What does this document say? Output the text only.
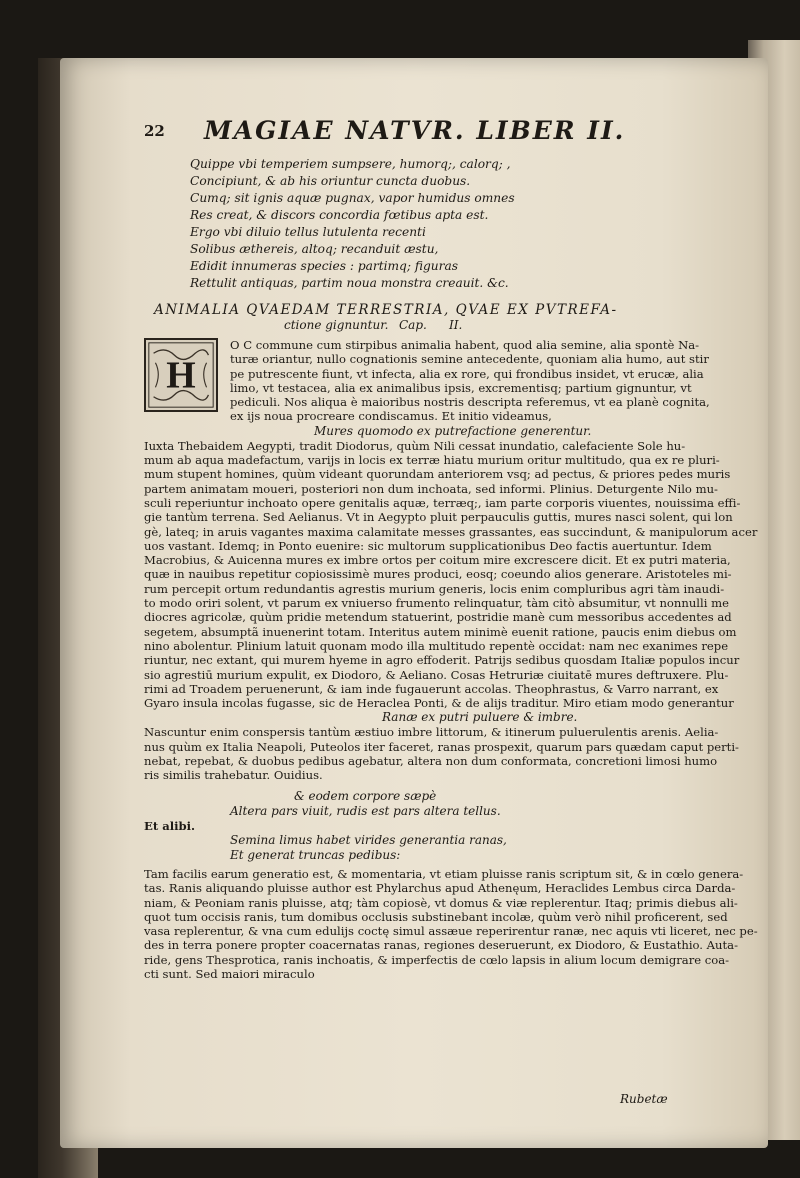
22 MAGIAE NATVR. LIBER II.
Quippe vbi temperiem sumpsere, humorq;, calorq; ,
Concipiunt, & ab his oriuntur cuncta duobus.
Cumq; sit ignis aquæ pugnax, vapor humidus omnes
Res creat, & discors concordia fœtibus apta est.
Ergo vbi diluio tellus lutulenta recenti
Solibus æthereis, altoq; recanduit æstu,
Edidit innumeras species : partimq; figuras
Rettulit antiquas, partim noua monstra creauit. &c.
ANIMALIA QVAEDAM TERRESTRIA, QVAE EX PVTREFA-
ctione gignuntur. Cap. II.
H
O C commune cum stirpibus animalia habent, quod alia semine, alia spontè Na-
turæ oriantur, nullo cognationis semine antecedente, quoniam alia humo, aut stir
pe putrescente fiunt, vt infecta, alia ex rore, qui frondibus insidet, vt erucæ, alia
limo, vt testacea, alia ex animalibus ipsis, excrementisq; partium gignuntur, vt
pediculi. Nos aliqua è maioribus nostris descripta referemus, vt ea planè cognita,
ex ijs noua procreare condiscamus. Et initio videamus,
Mures quomodo ex putrefactione generentur.
Iuxta Thebaidem Aegypti, tradit Diodorus, quùm Nili cessat inundatio, calefaciente Sole hu-
mum ab aqua madefactum, varijs in locis ex terræ hiatu murium oritur multitudo, qua ex re pluri-
mum stupent homines, quùm videant quorundam anteriorem vsq; ad pectus, & priores pedes muris
partem animatam moueri, posteriori non dum inchoata, sed informi. Plinius. Deturgente Nilo mu-
sculi reperiuntur inchoato opere genitalis aquæ, terræq;, iam parte corporis viuentes, nouissima effi-
gie tantùm terrena. Sed Aelianus. Vt in Aegypto pluit perpauculis guttis, mures nasci solent, qui lon
gè, lateq; in aruis vagantes maxima calamitate messes grassantes, eas succindunt, & manipulorum acer
uos vastant. Idemq; in Ponto euenire: sic multorum supplicationibus Deo factis auertuntur. Idem
Macrobius, & Auicenna mures ex imbre ortos per coitum mire excrescere dicit. Et ex putri materia,
quæ in nauibus repetitur copiosissimè mures produci, eosq; coeundo alios generare. Aristoteles mi-
rum percepit ortum redundantis agrestis murium generis, locis enim compluribus agri tàm inaudi-
to modo oriri solent, vt parum ex vniuerso frumento relinquatur, tàm citò absumitur, vt nonnulli me
diocres agricolæ, quùm pridie metendum statuerint, postridie manè cum messoribus accedentes ad
segetem, absumptã inuenerint totam. Interitus autem minimè euenit ratione, paucis enim diebus om
nino abolentur. Plinium latuit quonam modo illa multitudo repentè occidat: nam nec exanimes repe
riuntur, nec extant, qui murem hyeme in agro effoderit. Patrijs sedibus quosdam Italiæ populos incur
sio agrestiū murium expulit, ex Diodoro, & Aeliano. Cosas Hetruriæ ciuitatē mures deftruxere. Plu-
rimi ad Troadem peruenerunt, & iam inde fugauerunt accolas. Theophrastus, & Varro narrant, ex
Gyaro insula incolas fugasse, sic de Heraclea Ponti, & de alijs traditur. Miro etiam modo generantur
Ranæ ex putri puluere & imbre.
Nascuntur enim conspersis tantùm æstiuo imbre littorum, & itinerum puluerulentis arenis. Aelia-
nus quùm ex Italia Neapoli, Puteolos iter faceret, ranas prospexit, quarum pars quædam caput perti-
nebat, repebat, & duobus pedibus agebatur, altera non dum conformata, concretioni limosi humo
ris similis trahebatur. Ouidius.
& eodem corpore sæpè
Altera pars viuit, rudis est pars altera tellus.
Et alibi.
Semina limus habet virides generantia ranas,
Et generat truncas pedibus:
Tam facilis earum generatio est, & momentaria, vt etiam pluisse ranis scriptum sit, & in cœlo genera-
tas. Ranis aliquando pluisse author est Phylarchus apud Athenęum, Heraclides Lembus circa Darda-
niam, & Peoniam ranis pluisse, atq; tàm copiosè, vt domus & viæ replerentur. Itaq; primis diebus ali-
quot tum occisis ranis, tum domibus occlusis substinebant incolæ, quùm verò nihil proficerent, sed
vasa replerentur, & vna cum edulijs coctę simul assæue reperirentur ranæ, nec aquis vti liceret, nec pe-
des in terra ponere propter coacernatas ranas, regiones deseruerunt, ex Diodoro, & Eustathio. Auta-
ride, gens Thesprotica, ranis inchoatis, & imperfectis de cœlo lapsis in alium locum demigrare coa-
cti sunt. Sed maiori miraculo
Rubetæ
